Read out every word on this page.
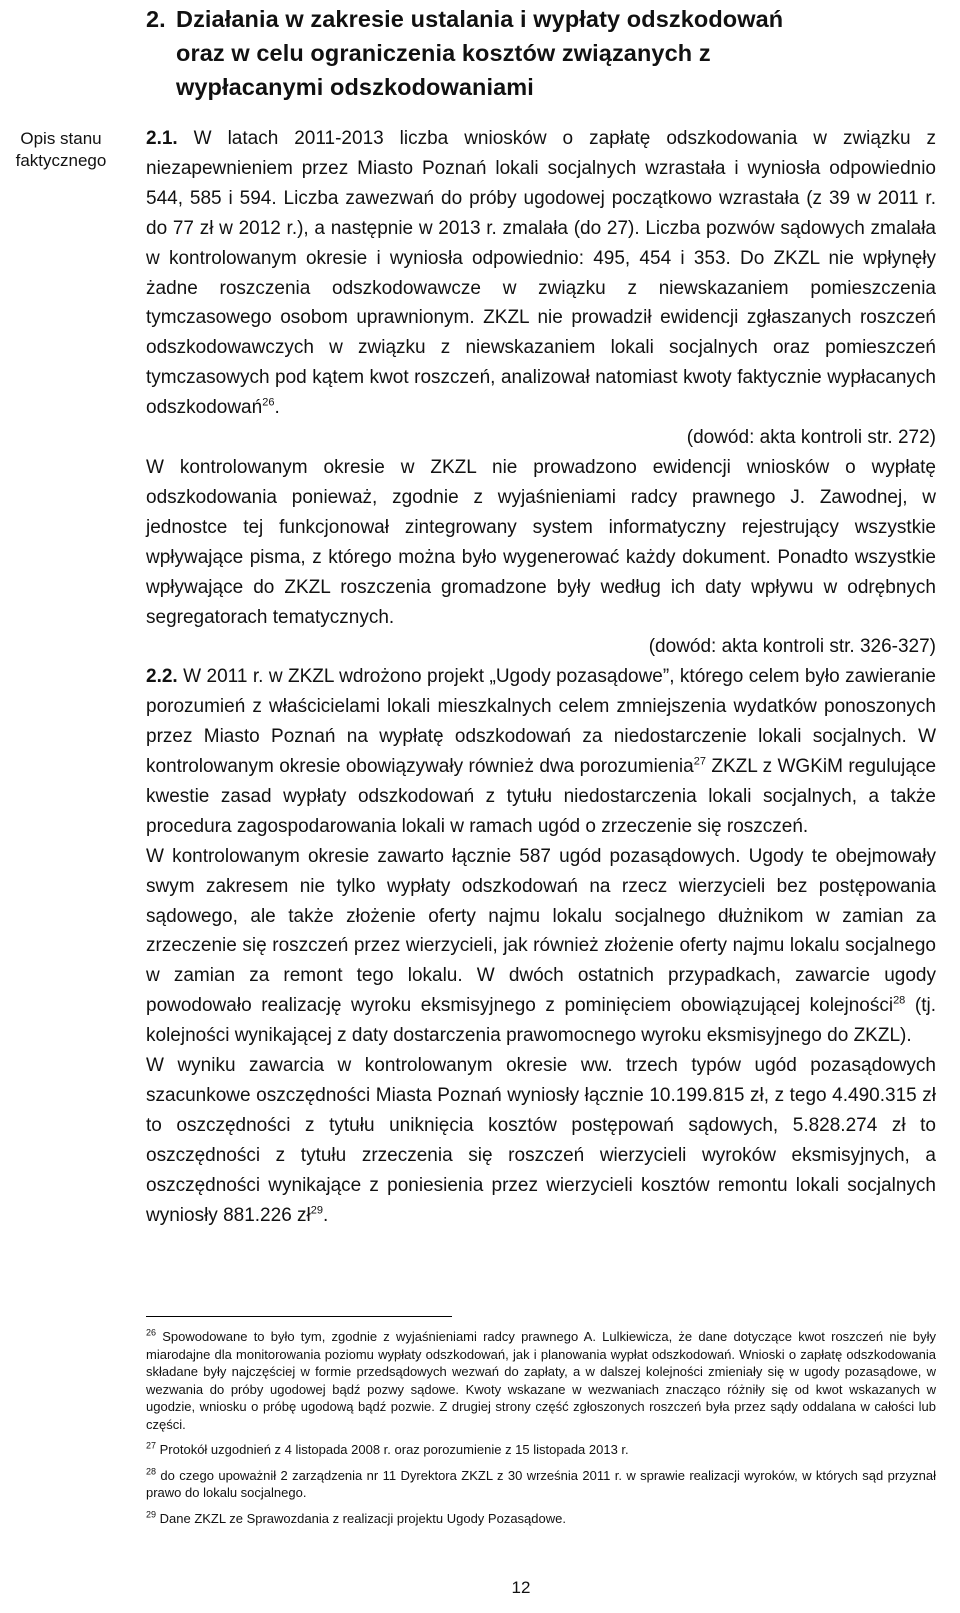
Opis stanu
faktycznego
2. Działania w zakresie ustalania i wypłaty odszkodowań
oraz w celu ograniczenia kosztów związanych z
wypłacanymi odszkodowaniami

2.1. W latach 2011-2013 liczba wniosków o zapłatę odszkodowania w związku z niezapewnieniem przez Miasto Poznań lokali socjalnych wzrastała i wyniosła odpowiednio 544, 585 i 594. Liczba zawezwań do próby ugodowej początkowo wzrastała (z 39 w 2011 r. do 77 zł w 2012 r.), a następnie w 2013 r. zmalała (do 27). Liczba pozwów sądowych zmalała w kontrolowanym okresie i wyniosła odpowiednio: 495, 454 i 353. Do ZKZL nie wpłynęły żadne roszczenia odszkodowawcze w związku z niewskazaniem pomieszczenia tymczasowego osobom uprawnionym. ZKZL nie prowadził ewidencji zgłaszanych roszczeń odszkodowawczych w związku z niewskazaniem lokali socjalnych oraz pomieszczeń tymczasowych pod kątem kwot roszczeń, analizował natomiast kwoty faktycznie wypłacanych odszkodowań$^{26}$.

(dowód: akta kontroli str. 272)

W kontrolowanym okresie w ZKZL nie prowadzono ewidencji wniosków o wypłatę odszkodowania ponieważ, zgodnie z wyjaśnieniami radcy prawnego J. Zawodnej, w jednostce tej funkcjonował zintegrowany system informatyczny rejestrujący wszystkie wpływające pisma, z którego można było wygenerować każdy dokument. Ponadto wszystkie wpływające do ZKZL roszczenia gromadzone były według ich daty wpływu w odrębnych segregatorach tematycznych.

(dowód: akta kontroli str. 326-327)

2.2. W 2011 r. w ZKZL wdrożono projekt „Ugody pozasądowe”, którego celem było zawieranie porozumień z właścicielami lokali mieszkalnych celem zmniejszenia wydatków ponoszonych przez Miasto Poznań na wypłatę odszkodowań za niedostarczenie lokali socjalnych. W kontrolowanym okresie obowiązywały również dwa porozumienia$^{27}$ ZKZL z WGKiM regulujące kwestie zasad wypłaty odszkodowań z tytułu niedostarczenia lokali socjalnych, a także procedura zagospodarowania lokali w ramach ugód o zrzeczenie się roszczeń.

W kontrolowanym okresie zawarto łącznie 587 ugód pozasądowych. Ugody te obejmowały swym zakresem nie tylko wypłaty odszkodowań na rzecz wierzycieli bez postępowania sądowego, ale także złożenie oferty najmu lokalu socjalnego dłużnikom w zamian za zrzeczenie się roszczeń przez wierzycieli, jak również złożenie oferty najmu lokalu socjalnego w zamian za remont tego lokalu. W dwóch ostatnich przypadkach, zawarcie ugody powodowało realizację wyroku eksmisyjnego z pominięciem obowiązującej kolejności$^{28}$ (tj. kolejności wynikającej z daty dostarczenia prawomocnego wyroku eksmisyjnego do ZKZL).

W wyniku zawarcia w kontrolowanym okresie ww. trzech typów ugód pozasądowych szacunkowe oszczędności Miasta Poznań wyniosły łącznie 10.199.815 zł, z tego 4.490.315 zł to oszczędności z tytułu uniknięcia kosztów postępowań sądowych, 5.828.274 zł to oszczędności z tytułu zrzeczenia się roszczeń wierzycieli wyroków eksmisyjnych, a oszczędności wynikające z poniesienia przez wierzycieli kosztów remontu lokali socjalnych wyniosły 881.226 $zł^{29}$.

$^{26}$ Spowodowane to było tym, zgodnie z wyjaśnieniami radcy prawnego A. Lulkiewicza, że dane dotyczące kwot roszczeń nie były miarodajne dla monitorowania poziomu wypłaty odszkodowań, jak i planowania wypłat odszkodowań. Wnioski o zapłatę odszkodowania składane były najczęściej w formie przedsądowych wezwań do zapłaty, a w dalszej kolejności zmieniały się w ugody pozasądowe, w wezwania do próby ugodowej bądź pozwy sądowe. Kwoty wskazane w wezwaniach znacząco różniły się od kwot wskazanych w ugodzie, wniosku o próbę ugodową bądź pozwie. Z drugiej strony część zgłoszonych roszczeń była przez sądy oddalana w całości lub części.

$^{27}$ Protokół uzgodnień z 4 listopada 2008 r. oraz porozumienie z 15 listopada 2013 r.

$^{28}$ do czego upoważnił 2 zarządzenia nr 11 Dyrektora ZKZL z 30 września 2011 r. w sprawie realizacji wyroków, w których sąd przyznał prawo do lokalu socjalnego.

$^{29}$ Dane ZKZL ze Sprawozdania z realizacji projektu Ugody Pozasądowe.

12
